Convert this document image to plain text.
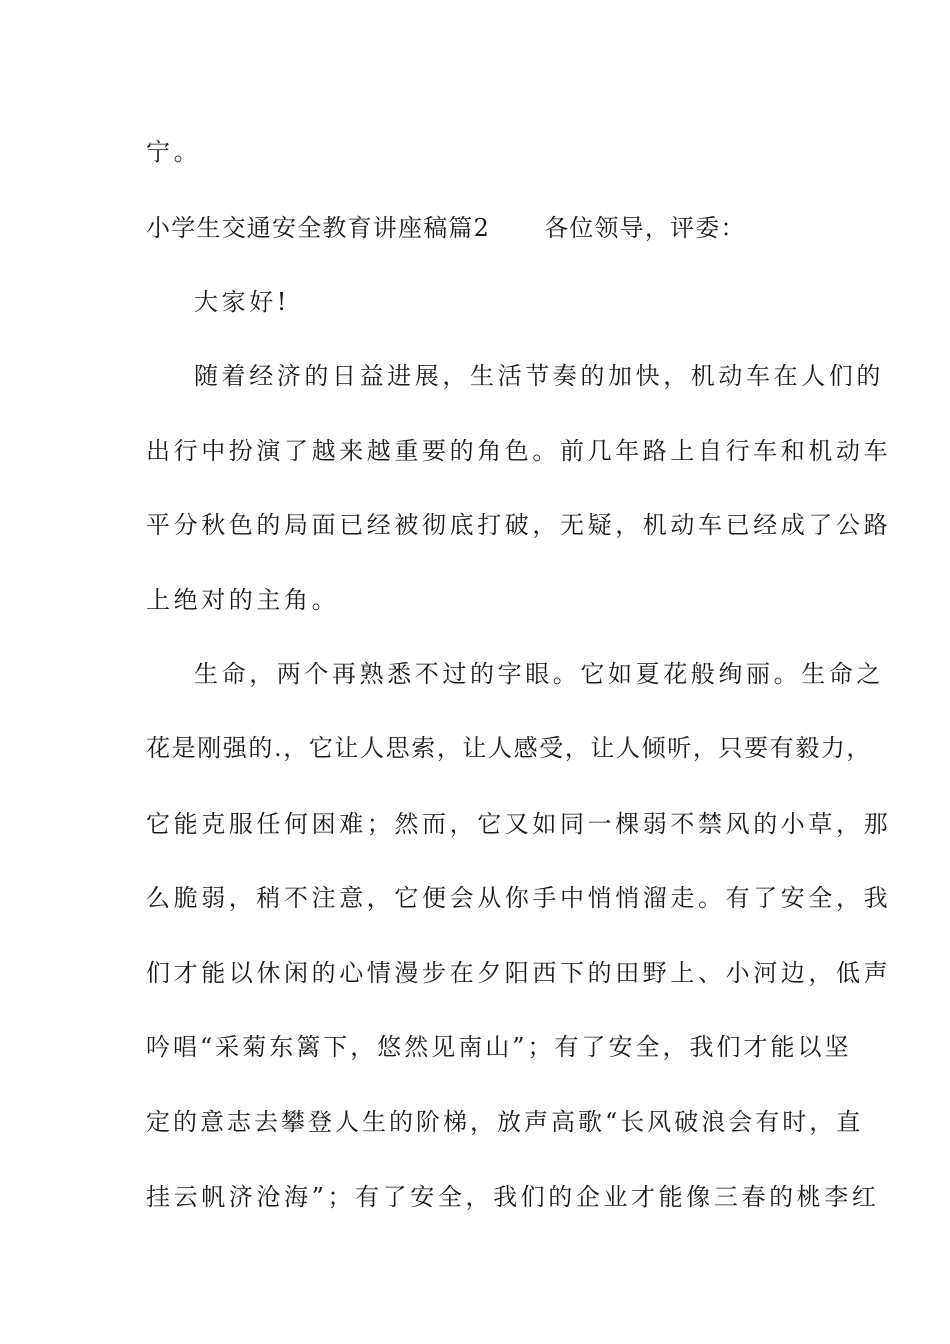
宁。
小学生交通安全教育讲座稿篇2 各位领导，评委：
大家好!
随着经济的日益进展，生活节奏的加快，机动车在人们的
出行中扮演了越来越重要的角色。前几年路上自行车和机动车
平分秋色的局面已经被彻底打破，无疑，机动车已经成了公路
上绝对的主角。
生命，两个再熟悉不过的字眼。它如夏花般绚丽。生命之
花是刚强的.，它让人思索，让人感受，让人倾听，只要有毅力，
它能克服任何困难；然而，它又如同一棵弱不禁风的小草，那
么脆弱，稍不注意，它便会从你手中悄悄溜走。有了安全，我
们才能以休闲的心情漫步在夕阳西下的田野上、小河边，低声
吟唱“采菊东篱下，悠然见南山”；有了安全，我们才能以坚
定的意志去攀登人生的阶梯，放声高歌“长风破浪会有时，直
挂云帆济沧海”；有了安全，我们的企业才能像三春的桃李红
